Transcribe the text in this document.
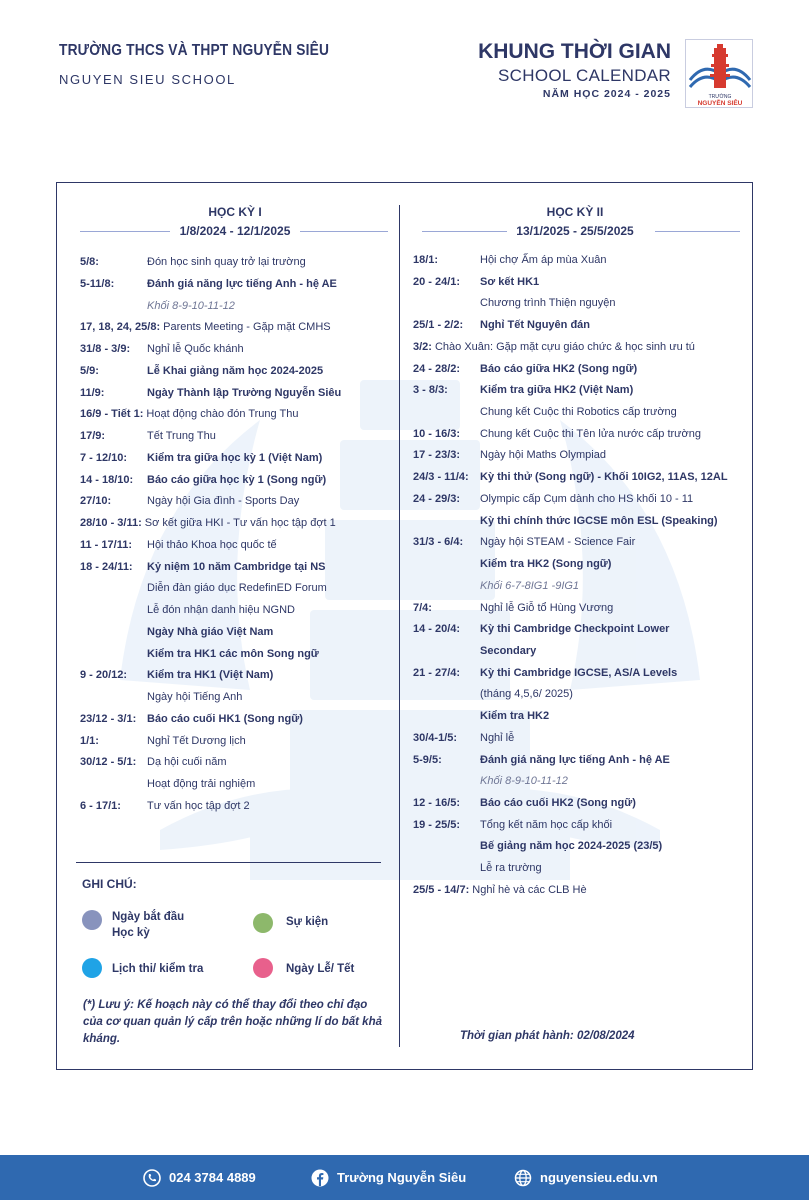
TRƯỜNG THCS VÀ THPT NGUYỄN SIÊU
NGUYEN SIEU SCHOOL
KHUNG THỜI GIAN
SCHOOL CALENDAR
NĂM HỌC 2024 - 2025	TRƯỜNG
NGUYỄN SIÊU
HỌC KỲ I
1/8/2024 - 12/1/2025
HỌC KỲ II
13/1/2025 - 25/5/2025
5/8:	Đón học sinh quay trở lại trường
5-11/8:	Đánh giá năng lực tiếng Anh - hệ AE
Khối 8-9-10-11-12
17, 18, 24, 25/8: Parents Meeting - Gặp mặt CMHS
31/8 - 3/9: Nghỉ lễ Quốc khánh
5/9:	Lễ Khai giảng năm học 2024-2025
11/9:	Ngày Thành lập Trường Nguyễn Siêu
16/9 - Tiết 1: Hoạt động chào đón Trung Thu
17/9:	Tết Trung Thu
7 - 12/10: Kiểm tra giữa học kỳ 1 (Việt Nam)
14 - 18/10: Báo cáo giữa học kỳ 1 (Song ngữ)
27/10:	Ngày hội Gia đình - Sports Day
28/10 - 3/11: Sơ kết giữa HKI - Tư vấn học tập đợt 1
11 - 17/11: Hội thảo Khoa học quốc tế
18 - 24/11: Kỷ niệm 10 năm Cambridge tại NS
Diễn đàn giáo dục RedefinED Forum
Lễ đón nhận danh hiệu NGND
Ngày Nhà giáo Việt Nam
Kiểm tra HK1 các môn Song ngữ
9 - 20/12: Kiểm tra HK1 (Việt Nam)
Ngày hội Tiếng Anh
23/12 - 3/1: Báo cáo cuối HK1 (Song ngữ)
1/1:	Nghỉ Tết Dương lịch
30/12 - 5/1: Dạ hội cuối năm
Hoạt động trải nghiệm
6 - 17/1: Tư vấn học tập đợt 2
18/1:	Hội chợ Ấm áp mùa Xuân
20 - 24/1: Sơ kết HK1
Chương trình Thiện nguyện
25/1 - 2/2: Nghỉ Tết Nguyên đán
3/2: Chào Xuân: Gặp mặt cựu giáo chức & học sinh ưu tú
24 - 28/2: Báo cáo giữa HK2 (Song ngữ)
3 - 8/3:	Kiểm tra giữa HK2 (Việt Nam)
Chung kết Cuộc thi Robotics cấp trường
10 - 16/3: Chung kết Cuộc thi Tên lửa nước cấp trường
17 - 23/3: Ngày hội Maths Olympiad
24/3 - 11/4: Kỳ thi thử (Song ngữ) - Khối 10IG2, 11AS, 12AL
24 - 29/3: Olympic cấp Cụm dành cho HS khối 10 - 11
Kỳ thi chính thức IGCSE môn ESL (Speaking)
31/3 - 6/4: Ngày hội STEAM - Science Fair
Kiểm tra HK2 (Song ngữ)
Khối 6-7-8IG1 -9IG1
7/4:	Nghỉ lễ Giỗ tổ Hùng Vương
14 - 20/4: Kỳ thi Cambridge Checkpoint Lower
Secondary
21 - 27/4: Kỳ thi Cambridge IGCSE, AS/A Levels
(tháng 4,5,6/ 2025)
Kiểm tra HK2
30/4-1/5: Nghỉ lễ
5-9/5:	Đánh giá năng lực tiếng Anh - hệ AE
Khối 8-9-10-11-12
12 - 16/5: Báo cáo cuối HK2 (Song ngữ)
19 - 25/5: Tổng kết năm học cấp khối
Bế giảng năm học 2024-2025 (23/5)
Lễ ra trường
25/5 - 14/7: Nghỉ hè và các CLB Hè
GHI CHÚ:
Ngày bắt đầu
Học kỳ
Sự kiện
Lịch thi/ kiểm tra	Ngày Lễ/ Tết
(*) Lưu ý: Kế hoạch này có thể thay đổi theo chỉ đạo của cơ quan quản lý cấp trên hoặc những lí do bất khả kháng.	Thời gian phát hành: 02/08/2024
024 3784 4889	Trường Nguyễn Siêu	nguyensieu.edu.vn
